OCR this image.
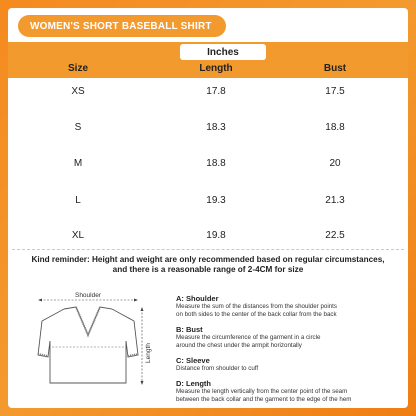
WOMEN'S SHORT BASEBALL SHIRT
Inches
Size	Length	Bust
XS	17.8	17.5
S	18.3	18.8
M	18.8	20
L	19.3	21.3
XL	19.8	22.5
Kind reminder: Height and weight are only recommended based on regular circumstances,
and there is a reasonable range of 2-4CM for size
Shoulder
Length
A: Shoulder
Measure the sum of the distances from the shoulder points
on both sides to the center of the back collar from the back
B: Bust
Measure the circumference of the garment in a circle
around the chest under the armpit horizontally
C: Sleeve
Distance from shoulder to cuff
D: Length
Measure the length vertically from the center point of the seam
between the back collar and the garment to the edge of the hem
